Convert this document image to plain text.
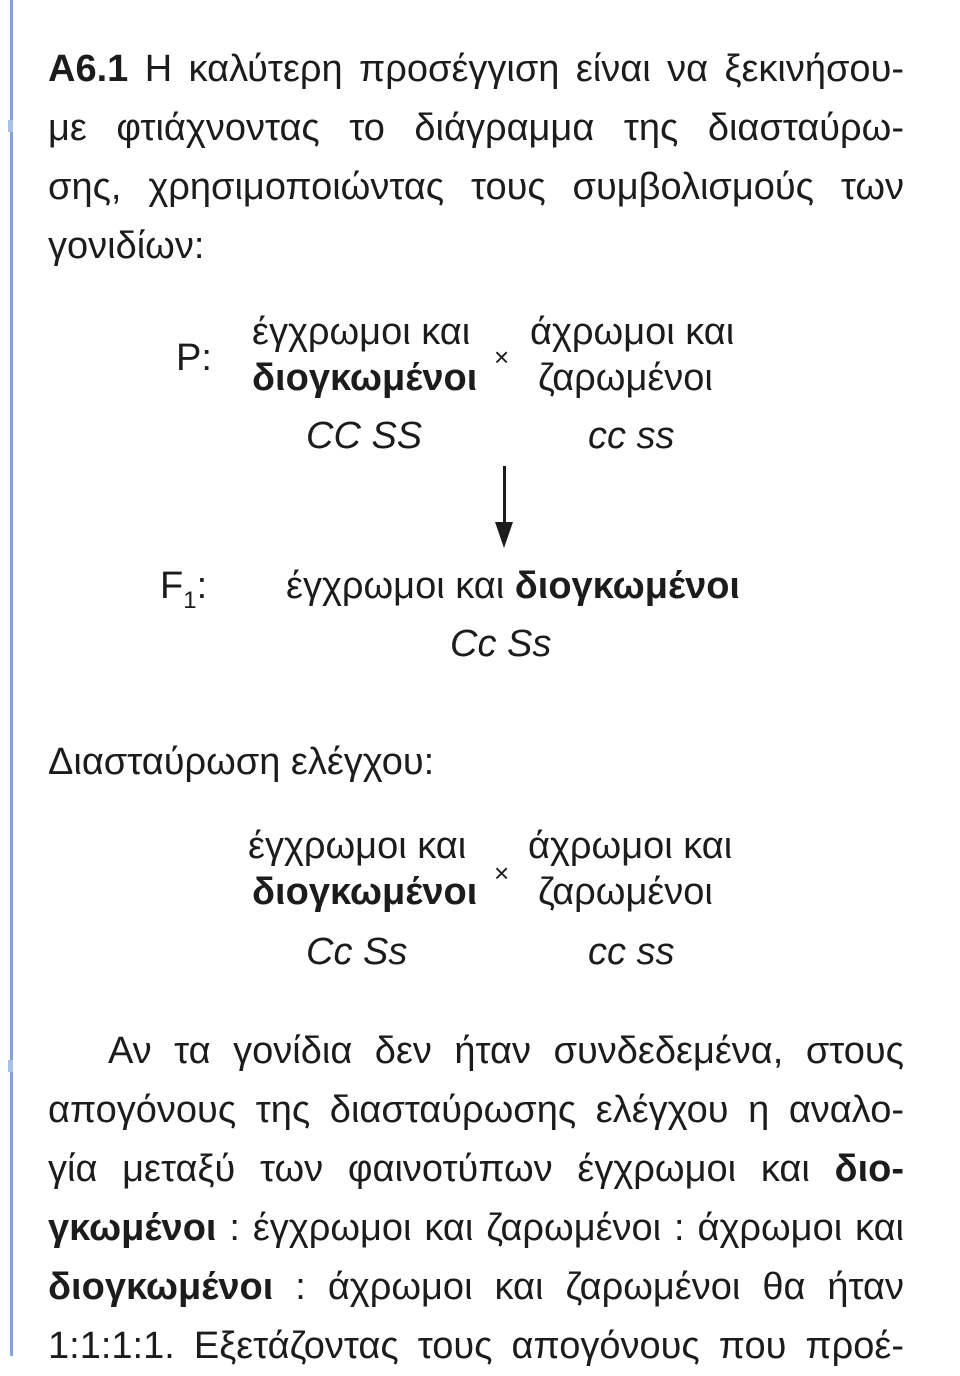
A6.1 Η καλύτερη προσέγγιση είναι να ξεκινήσου-
με φτιάχνοντας το διάγραμμα της διασταύρω-
σης, χρησιμοποιώντας τους συμβολισμούς των
γονιδίων:
P:
έγχρωμοι και
διογκωμένοι ×
άχρωμοι και
ζαρωμένοι
CC SS	cc ss
$F_1$: έγχρωμοι και διογκωμένοι
Cc Ss
Διασταύρωση ελέγχου:
έγχρωμοι και
διογκωμένοι ×
άχρωμοι και
ζαρωμένοι
Cc Ss	cc ss
Αν τα γονίδια δεν ήταν συνδεδεμένα, στους
απογόνους της διασταύρωσης ελέγχου η αναλο-
γία μεταξύ των φαινοτύπων έγχρωμοι και διο-
γκωμένοι : έγχρωμοι και ζαρωμένοι : άχρωμοι και
διογκωμένοι : άχρωμοι και ζαρωμένοι θα ήταν
1:1:1:1. Εξετάζοντας τους απογόνους που προέ-
